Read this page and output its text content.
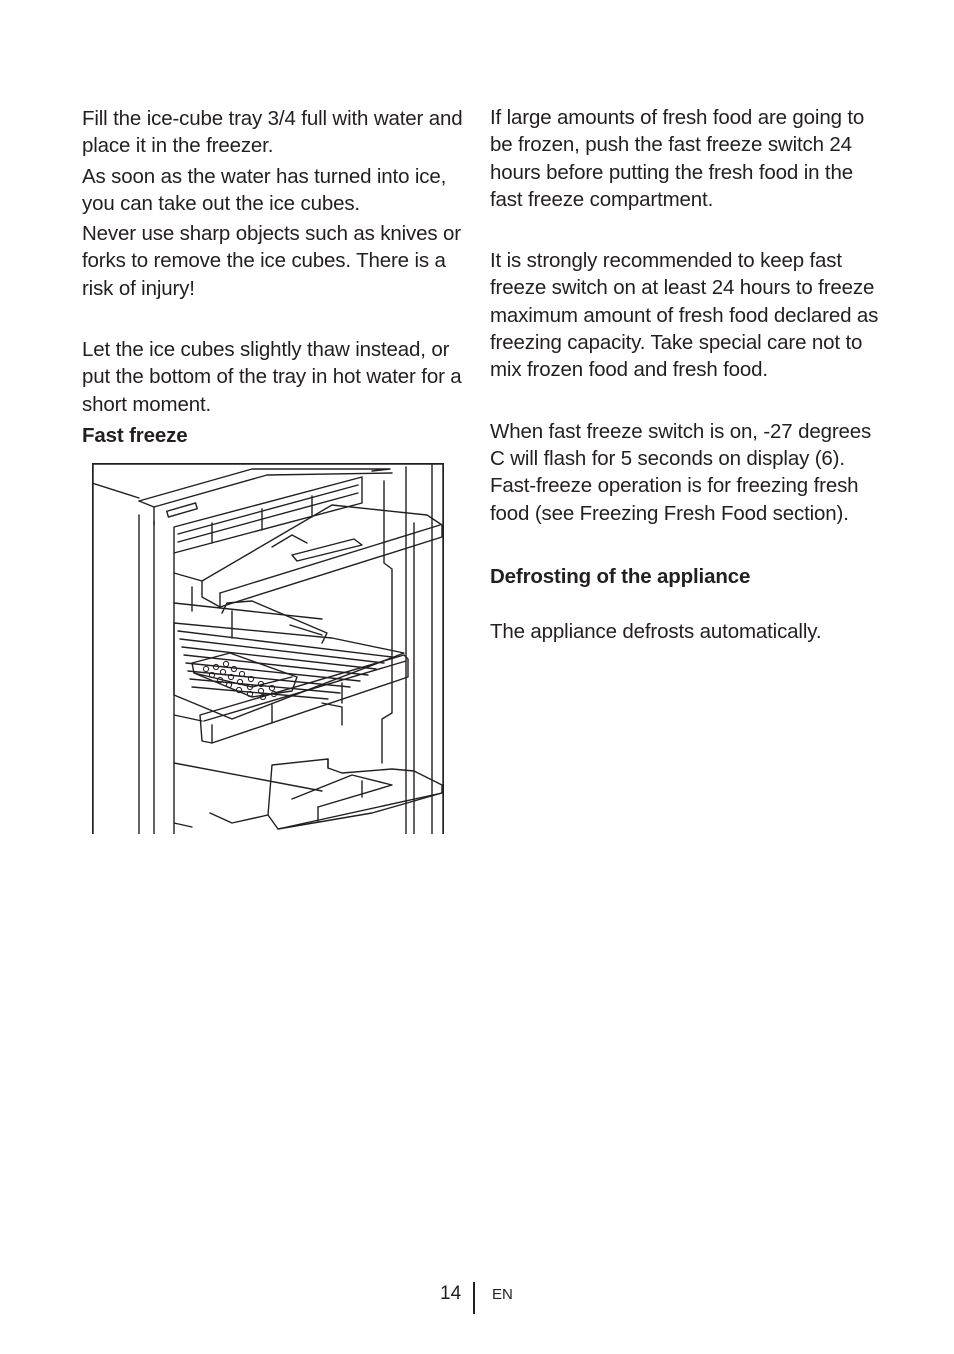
Fill the ice-cube tray 3/4 full with water and place it in the freezer.

As soon as the water has turned into ice, you can take out the ice cubes.

Never use sharp objects such as knives or forks to remove the ice cubes. There is a risk of injury!

Let the ice cubes slightly thaw instead, or put the bottom of the tray in hot water for a short moment.

Fast freeze

If large amounts of fresh food are going to be frozen, push the fast freeze switch 24 hours before putting the fresh food in the fast freeze compartment.

It is strongly recommended to keep fast freeze switch on at least 24 hours to freeze maximum amount of fresh food declared as freezing capacity. Take special care not to mix frozen food and fresh food.

When fast freeze switch is on, -27 degrees C will flash for 5 seconds on display (6). Fast-freeze operation is for freezing fresh food (see Freezing Fresh Food section).

Defrosting of the appliance

The appliance defrosts automatically.

14 EN
